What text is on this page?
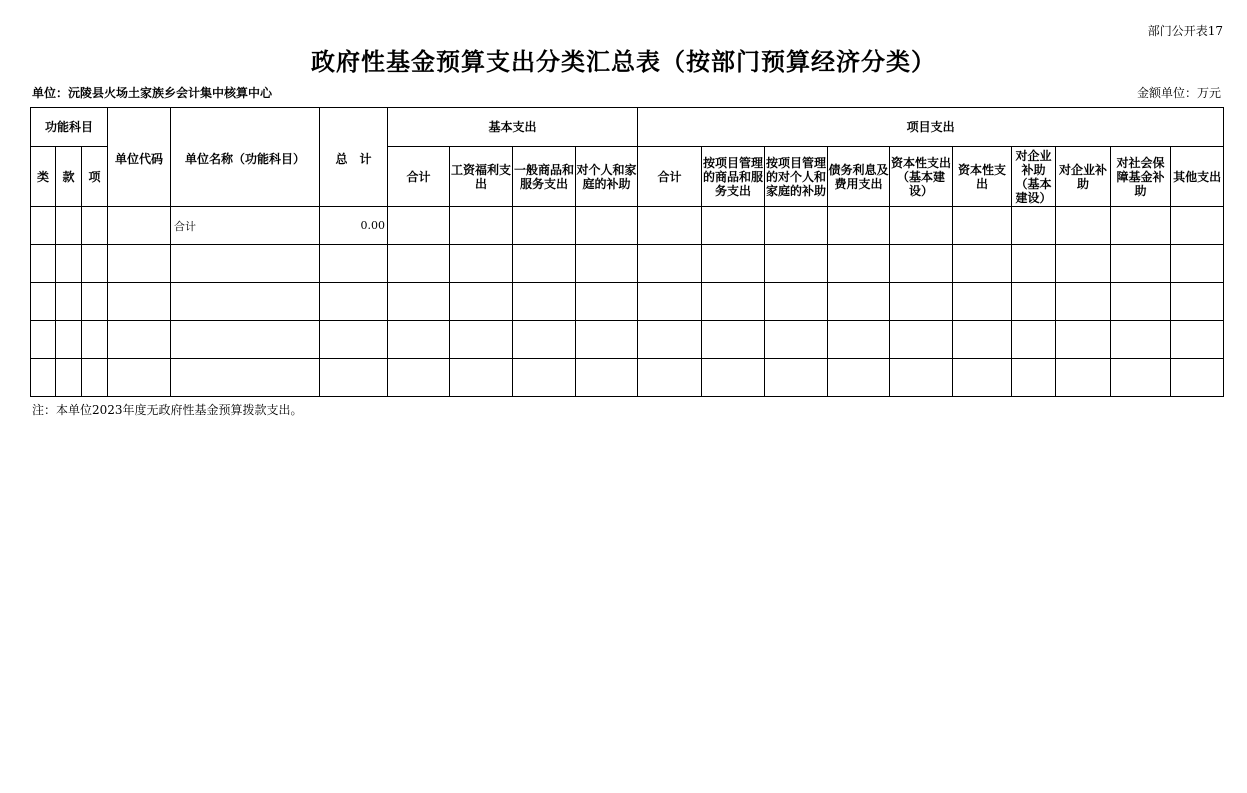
部门公开表17
政府性基金预算支出分类汇总表（按部门预算经济分类）
单位：沅陵县火场土家族乡会计集中核算中心	金额单位：万元
功能科目			单位代码	单位名称（功能科目）	总　计	基本支出				项目支出									
类	款	项				合计	工资福利支出	一般商品和服务支出	对个人和家庭的补助	合计	按项目管理的商品和服务支出	按项目管理的对个人和家庭的补助	债务利息及费用支出	资本性支出（基本建设）	资本性支出	对企业补助（基本建设）	对企业补助	对社会保障基金补助	其他支出
				合计	0.00														

注：本单位2023年度无政府性基金预算拨款支出。
